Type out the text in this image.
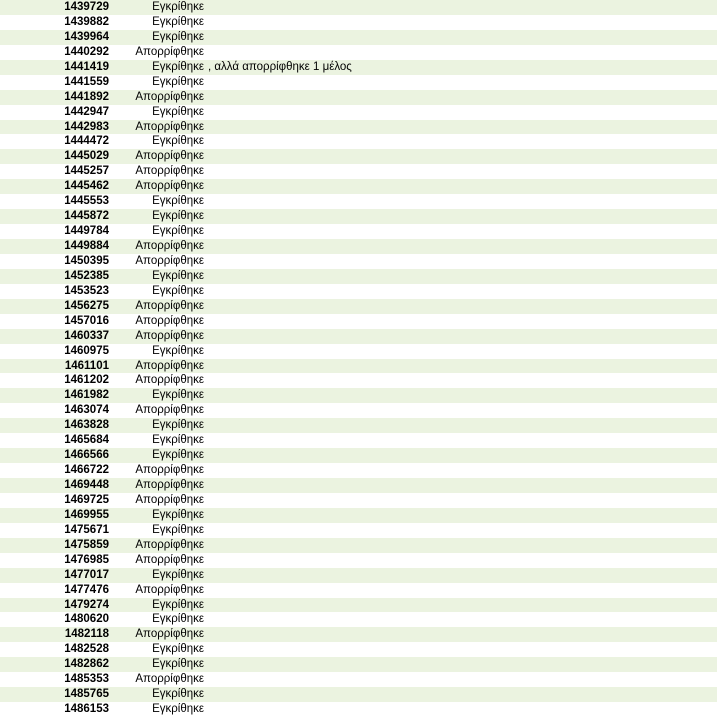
1439729	Εγκρίθηκε
1439882	Εγκρίθηκε
1439964	Εγκρίθηκε
1440292	Απορρίφθηκε
1441419	Εγκρίθηκε , αλλά απορρίφθηκε 1 μέλος
1441559	Εγκρίθηκε
1441892	Απορρίφθηκε
1442947	Εγκρίθηκε
1442983	Απορρίφθηκε
1444472	Εγκρίθηκε
1445029	Απορρίφθηκε
1445257	Απορρίφθηκε
1445462	Απορρίφθηκε
1445553	Εγκρίθηκε
1445872	Εγκρίθηκε
1449784	Εγκρίθηκε
1449884	Απορρίφθηκε
1450395	Απορρίφθηκε
1452385	Εγκρίθηκε
1453523	Εγκρίθηκε
1456275	Απορρίφθηκε
1457016	Απορρίφθηκε
1460337	Απορρίφθηκε
1460975	Εγκρίθηκε
1461101	Απορρίφθηκε
1461202	Απορρίφθηκε
1461982	Εγκρίθηκε
1463074	Απορρίφθηκε
1463828	Εγκρίθηκε
1465684	Εγκρίθηκε
1466566	Εγκρίθηκε
1466722	Απορρίφθηκε
1469448	Απορρίφθηκε
1469725	Απορρίφθηκε
1469955	Εγκρίθηκε
1475671	Εγκρίθηκε
1475859	Απορρίφθηκε
1476985	Απορρίφθηκε
1477017	Εγκρίθηκε
1477476	Απορρίφθηκε
1479274	Εγκρίθηκε
1480620	Εγκρίθηκε
1482118	Απορρίφθηκε
1482528	Εγκρίθηκε
1482862	Εγκρίθηκε
1485353	Απορρίφθηκε
1485765	Εγκρίθηκε
1486153	Εγκρίθηκε
